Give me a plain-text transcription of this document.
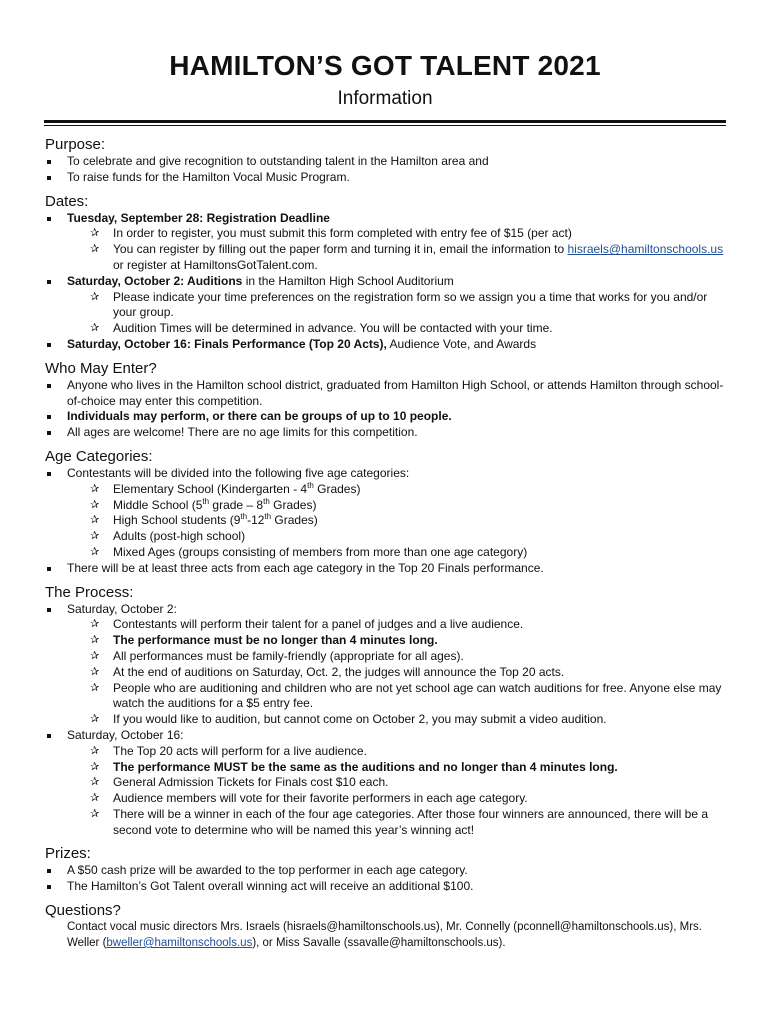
HAMILTON’S GOT TALENT 2021
Information
Purpose:
To celebrate and give recognition to outstanding talent in the Hamilton area and
To raise funds for the Hamilton Vocal Music Program.
Dates:
Tuesday, September 28: Registration Deadline
✰ In order to register, you must submit this form completed with entry fee of $15 (per act)
✰ You can register by filling out the paper form and turning it in, email the information to hisraels@hamiltonschools.us or register at HamiltonsGotTalent.com.
Saturday, October 2: Auditions in the Hamilton High School Auditorium
✰ Please indicate your time preferences on the registration form so we assign you a time that works for you and/or your group.
✰ Audition Times will be determined in advance. You will be contacted with your time.
Saturday, October 16: Finals Performance (Top 20 Acts), Audience Vote, and Awards
Who May Enter?
Anyone who lives in the Hamilton school district, graduated from Hamilton High School, or attends Hamilton through school-of-choice may enter this competition.
Individuals may perform, or there can be groups of up to 10 people.
All ages are welcome! There are no age limits for this competition.
Age Categories:
Contestants will be divided into the following five age categories:
✰ Elementary School (Kindergarten - 4th Grades)
✰ Middle School (5th grade – 8th Grades)
✰ High School students (9th-12th Grades)
✰ Adults (post-high school)
✰ Mixed Ages (groups consisting of members from more than one age category)
There will be at least three acts from each age category in the Top 20 Finals performance.
The Process:
Saturday, October 2:
✰ Contestants will perform their talent for a panel of judges and a live audience.
✰ The performance must be no longer than 4 minutes long.
✰ All performances must be family-friendly (appropriate for all ages).
✰ At the end of auditions on Saturday, Oct. 2, the judges will announce the Top 20 acts.
✰ People who are auditioning and children who are not yet school age can watch auditions for free. Anyone else may watch the auditions for a $5 entry fee.
✰ If you would like to audition, but cannot come on October 2, you may submit a video audition.
Saturday, October 16:
✰ The Top 20 acts will perform for a live audience.
✰ The performance MUST be the same as the auditions and no longer than 4 minutes long.
✰ General Admission Tickets for Finals cost $10 each.
✰ Audience members will vote for their favorite performers in each age category.
✰ There will be a winner in each of the four age categories. After those four winners are announced, there will be a second vote to determine who will be named this year’s winning act!
Prizes:
A $50 cash prize will be awarded to the top performer in each age category.
The Hamilton’s Got Talent overall winning act will receive an additional $100.
Questions?

Contact vocal music directors Mrs. Israels (hisraels@hamiltonschools.us), Mr. Connelly (pconnell@hamiltonschools.us), Mrs. Weller (bweller@hamiltonschools.us), or Miss Savalle (ssavalle@hamiltonschools.us).
